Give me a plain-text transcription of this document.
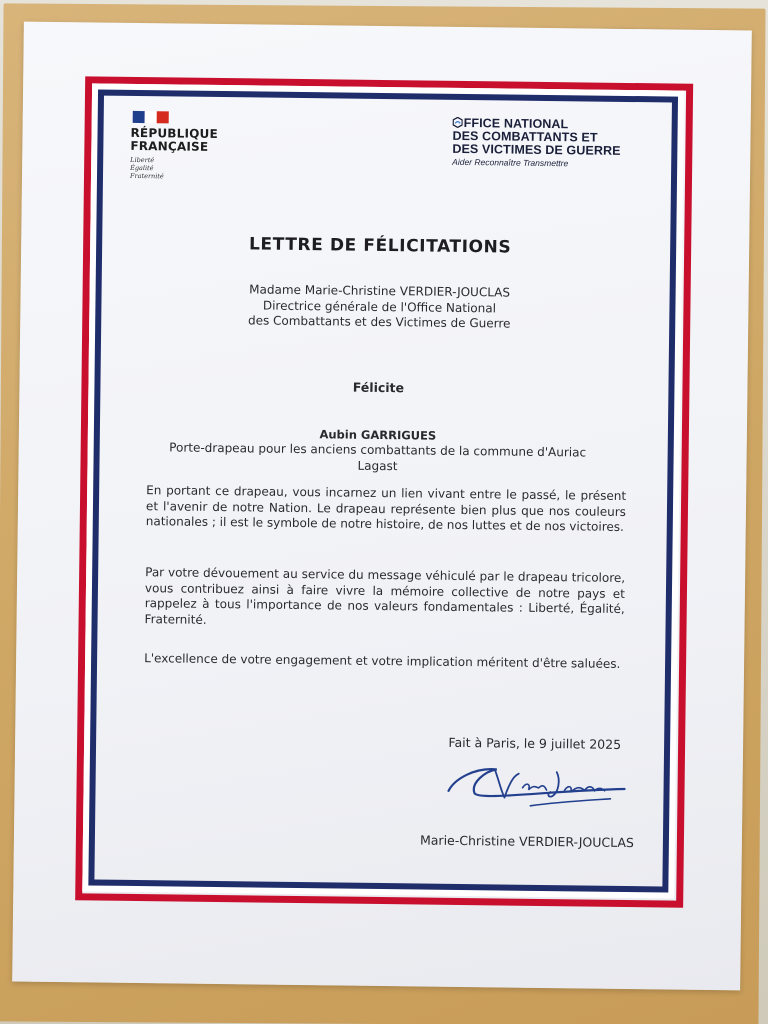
RÉPUBLIQUE
FRANÇAISE
Liberté
Égalité
Fraternité
FFICE NATIONAL
DES COMBATTANTS ET
DES VICTIMES DE GUERRE
Aider Reconnaître Transmettre
LETTRE DE FÉLICITATIONS
Madame Marie-Christine VERDIER-JOUCLAS
Directrice générale de l'Office National
des Combattants et des Victimes de Guerre
Félicite
Aubin GARRIGUES
Porte-drapeau pour les anciens combattants de la commune d'Auriac Lagast
En portant ce drapeau, vous incarnez un lien vivant entre le passé, le présent et l'avenir de notre Nation. Le drapeau représente bien plus que nos couleurs nationales ; il est le symbole de notre histoire, de nos luttes et de nos victoires.
Par votre dévouement au service du message véhiculé par le drapeau tricolore, vous contribuez ainsi à faire vivre la mémoire collective de notre pays et rappelez à tous l'importance de nos valeurs fondamentales : Liberté, Égalité, Fraternité.
L'excellence de votre engagement et votre implication méritent d'être saluées.
Fait à Paris, le 9 juillet 2025
Marie-Christine VERDIER-JOUCLAS
